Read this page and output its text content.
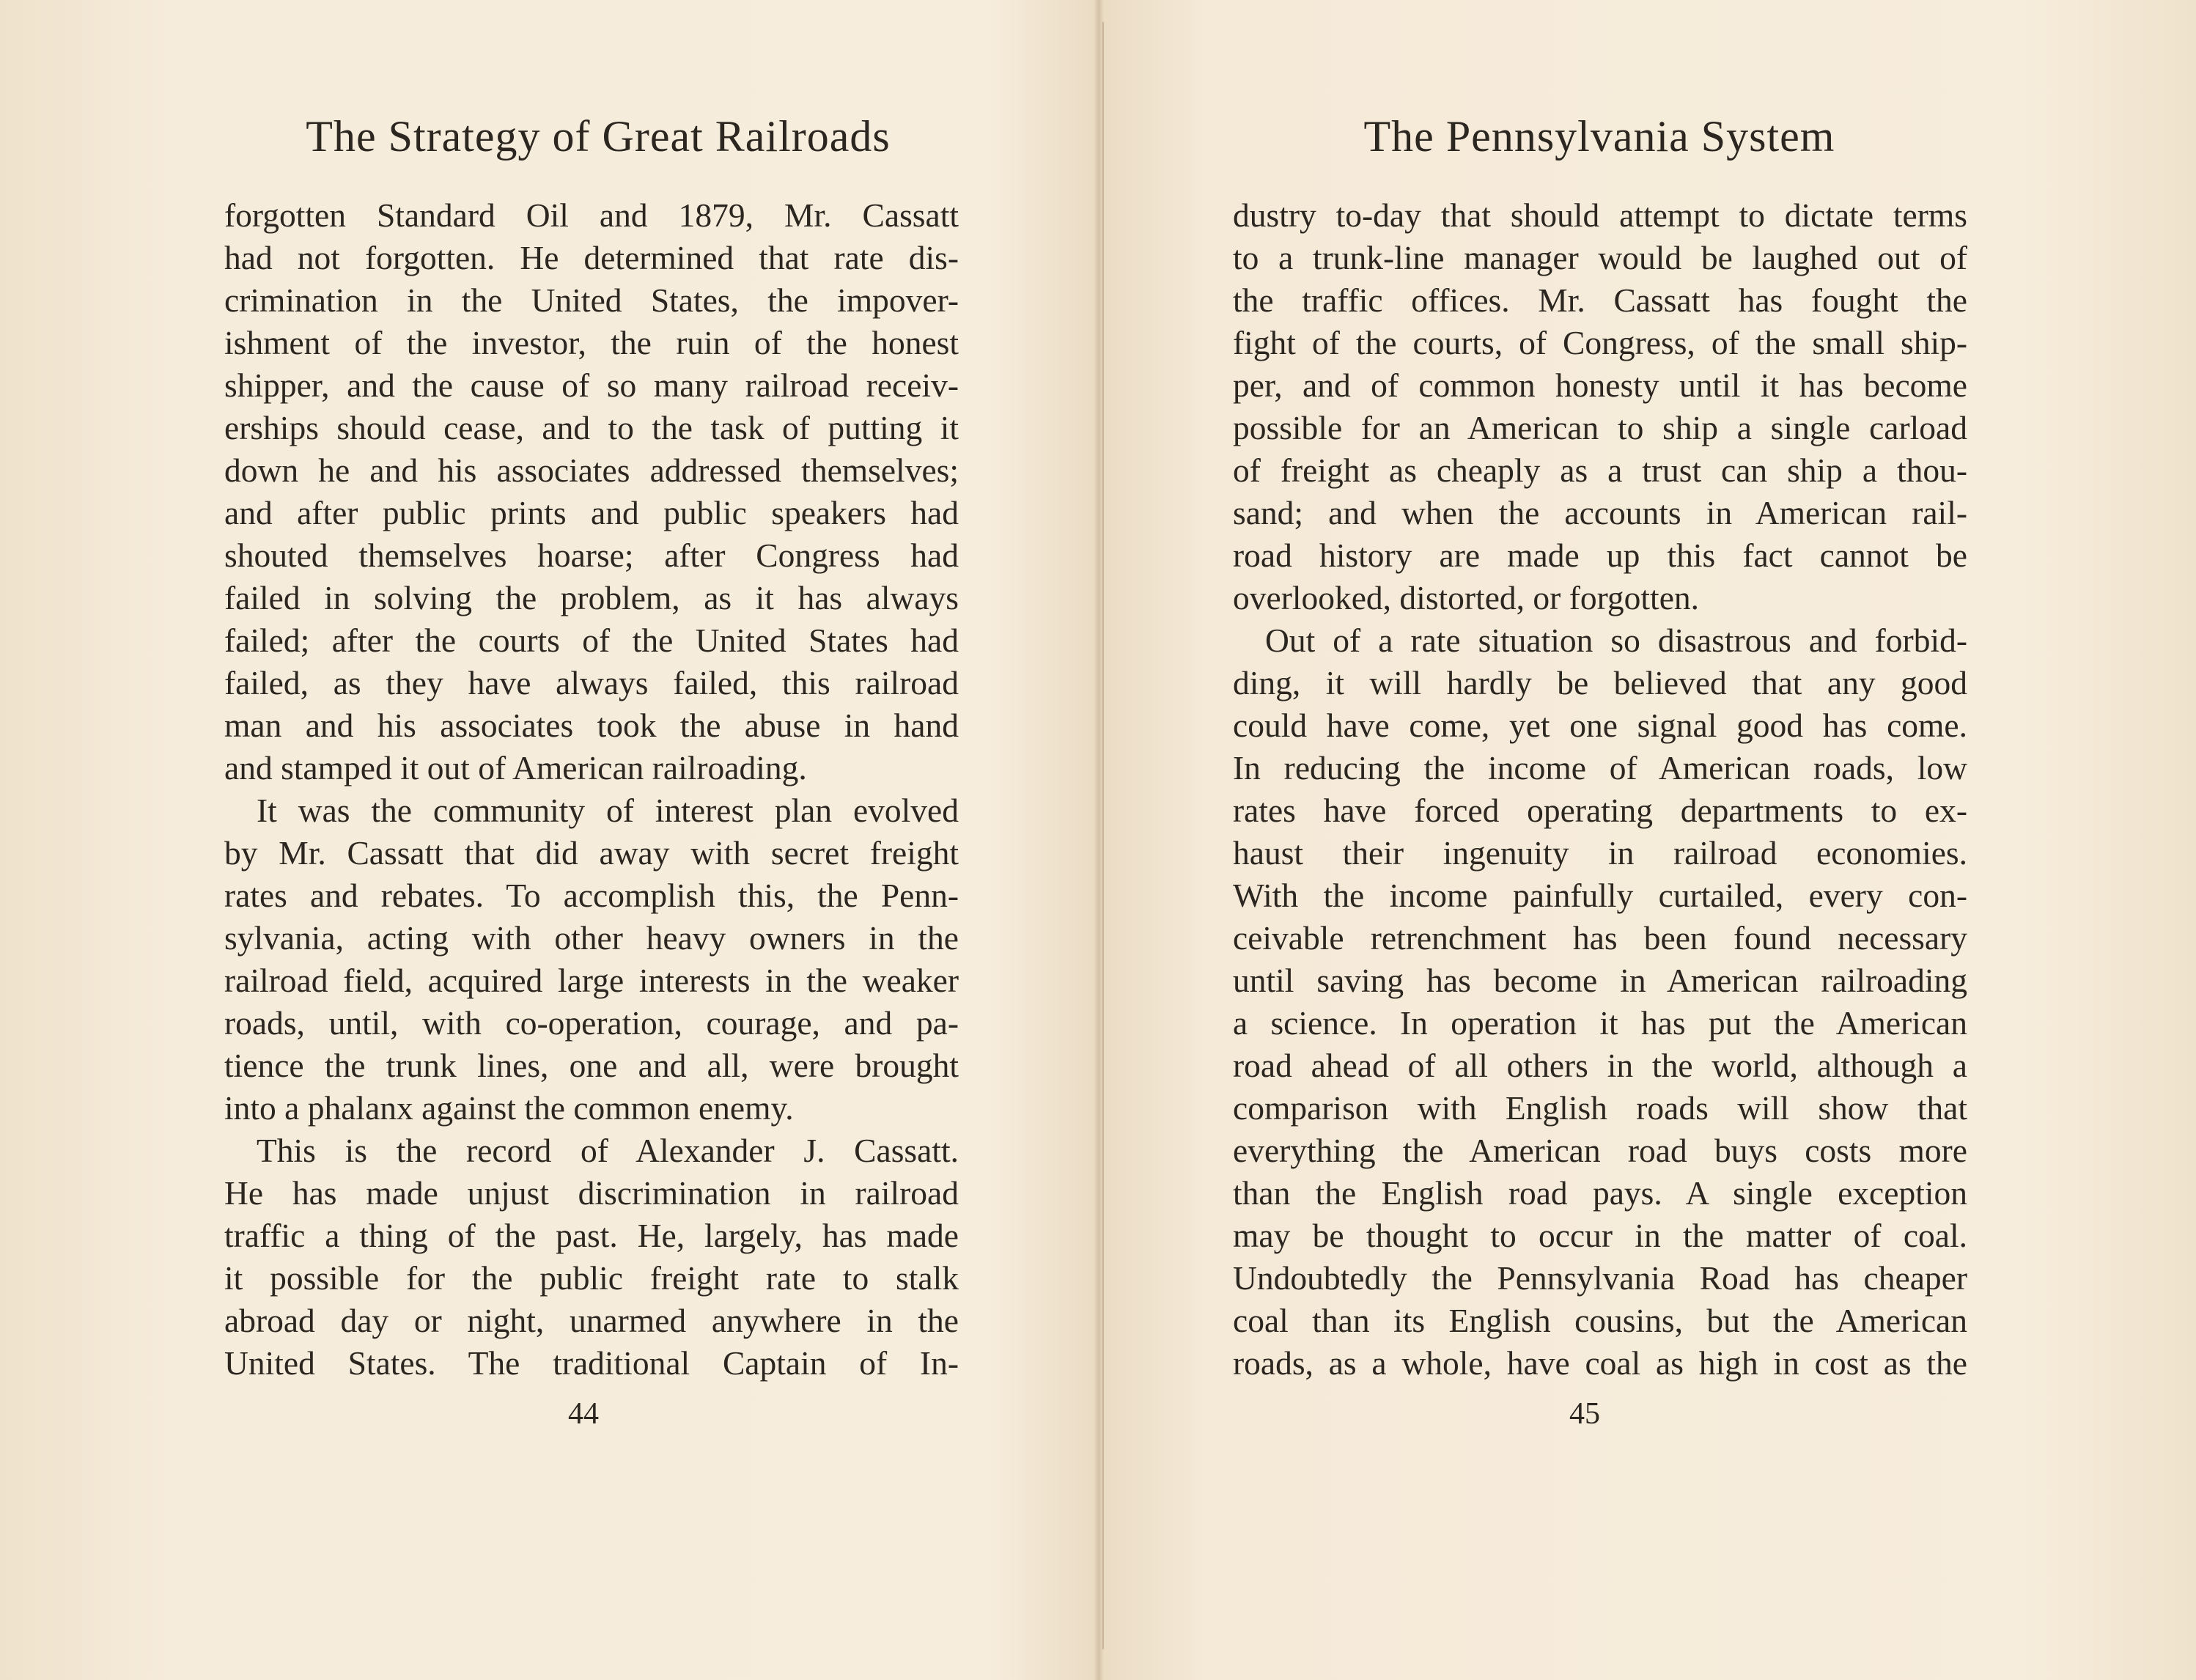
The Strategy of Great Railroads
forgotten Standard Oil and 1879, Mr. Cassatt
had not forgotten. He determined that rate dis-
crimination in the United States, the impover-
ishment of the investor, the ruin of the honest
shipper, and the cause of so many railroad receiv-
erships should cease, and to the task of putting it
down he and his associates addressed themselves;
and after public prints and public speakers had
shouted themselves hoarse; after Congress had
failed in solving the problem, as it has always
failed; after the courts of the United States had
failed, as they have always failed, this railroad
man and his associates took the abuse in hand
and stamped it out of American railroading.
It was the community of interest plan evolved
by Mr. Cassatt that did away with secret freight
rates and rebates. To accomplish this, the Penn-
sylvania, acting with other heavy owners in the
railroad field, acquired large interests in the weaker
roads, until, with co-operation, courage, and pa-
tience the trunk lines, one and all, were brought
into a phalanx against the common enemy.
This is the record of Alexander J. Cassatt.
He has made unjust discrimination in railroad
traffic a thing of the past. He, largely, has made
it possible for the public freight rate to stalk
abroad day or night, unarmed anywhere in the
United States. The traditional Captain of In-
44
The Pennsylvania System
dustry to-day that should attempt to dictate terms
to a trunk-line manager would be laughed out of
the traffic offices. Mr. Cassatt has fought the
fight of the courts, of Congress, of the small ship-
per, and of common honesty until it has become
possible for an American to ship a single carload
of freight as cheaply as a trust can ship a thou-
sand; and when the accounts in American rail-
road history are made up this fact cannot be
overlooked, distorted, or forgotten.
Out of a rate situation so disastrous and forbid-
ding, it will hardly be believed that any good
could have come, yet one signal good has come.
In reducing the income of American roads, low
rates have forced operating departments to ex-
haust their ingenuity in railroad economies.
With the income painfully curtailed, every con-
ceivable retrenchment has been found necessary
until saving has become in American railroading
a science. In operation it has put the American
road ahead of all others in the world, although a
comparison with English roads will show that
everything the American road buys costs more
than the English road pays. A single exception
may be thought to occur in the matter of coal.
Undoubtedly the Pennsylvania Road has cheaper
coal than its English cousins, but the American
roads, as a whole, have coal as high in cost as the
45
